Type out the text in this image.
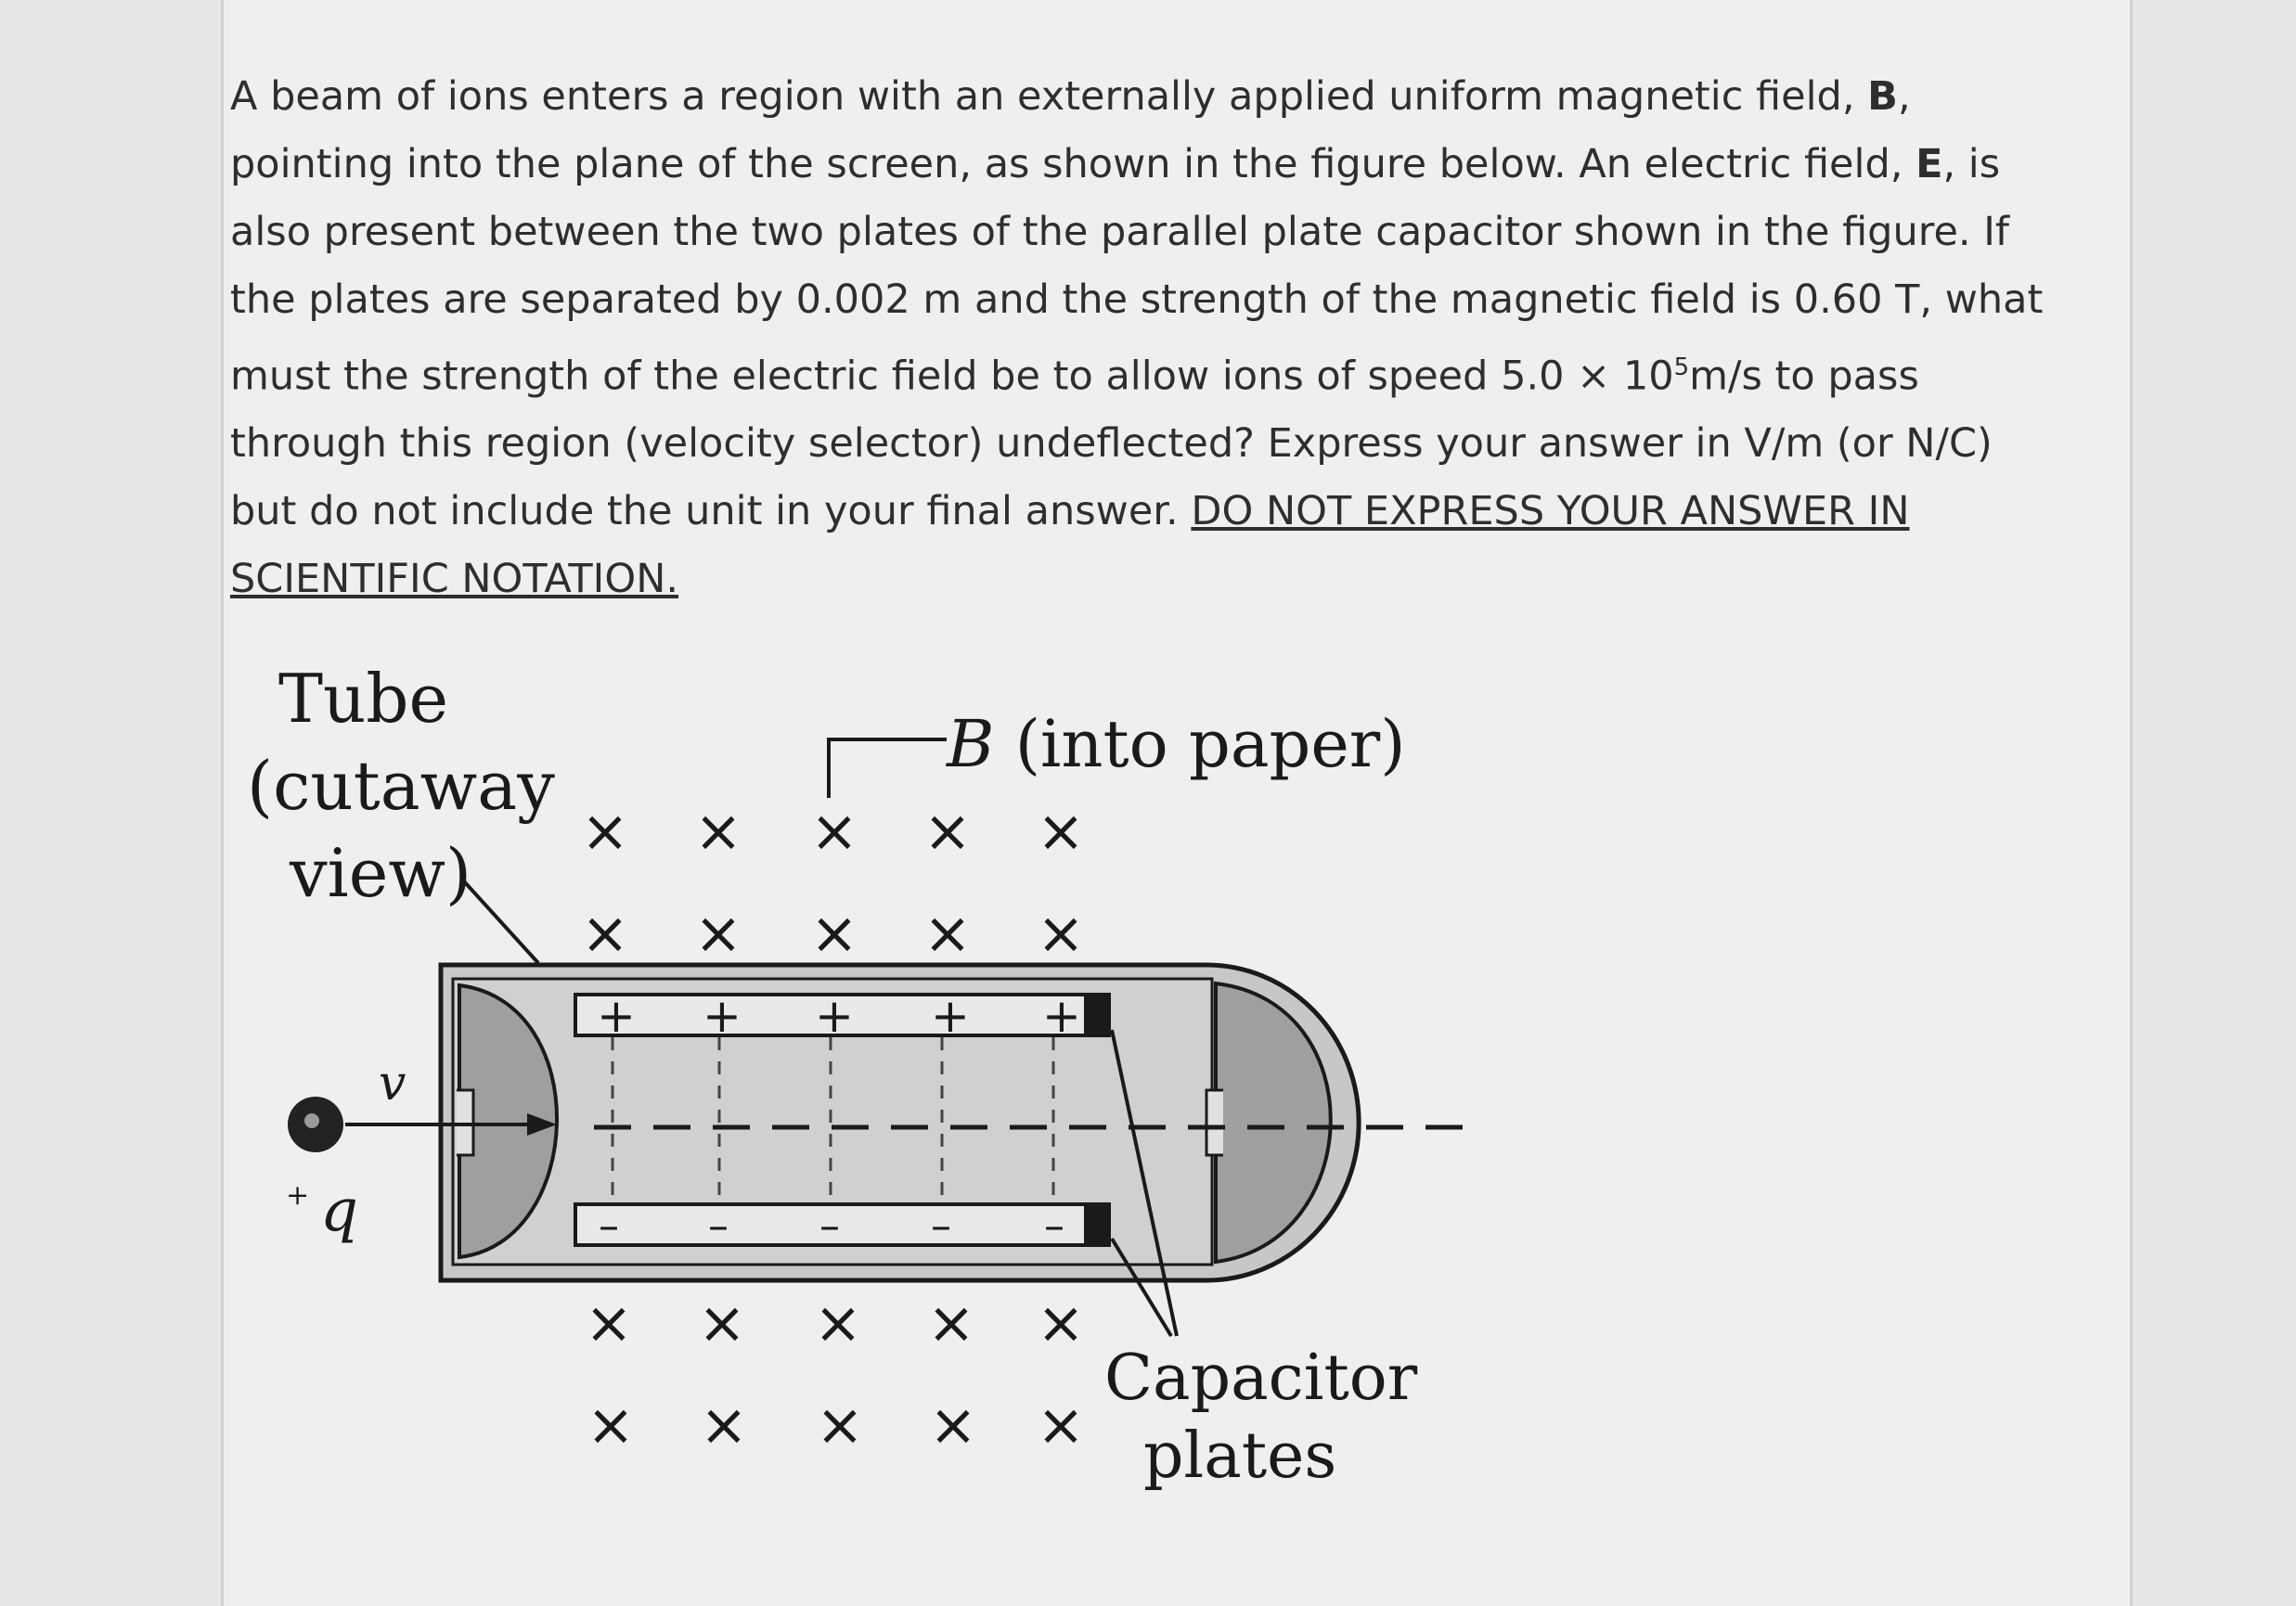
A beam of ions enters a region with an externally applied uniform magnetic field, B, pointing into the plane of the screen, as shown in the figure below. An electric field, E, is also present between the two plates of the parallel plate capacitor shown in the figure. If the plates are separated by 0.002 m and the strength of the magnetic field is 0.60 T, what must the strength of the electric field be to allow ions of speed $5.0 \times 10^5m/s$ to pass through this region (velocity selector) undeflected? Express your answer in V/m (or N/C) but do not include the unit in your final answer. DO NOT EXPRESS YOUR ANSWER IN SCIENTIFIC NOTATION.

Tube
(cutaway
view)
B (into paper)
+ + + + +
– – – – –
v
+ q
Capacitor
plates
× × × × ×
× × × × ×
× × × × ×
× × × × ×
